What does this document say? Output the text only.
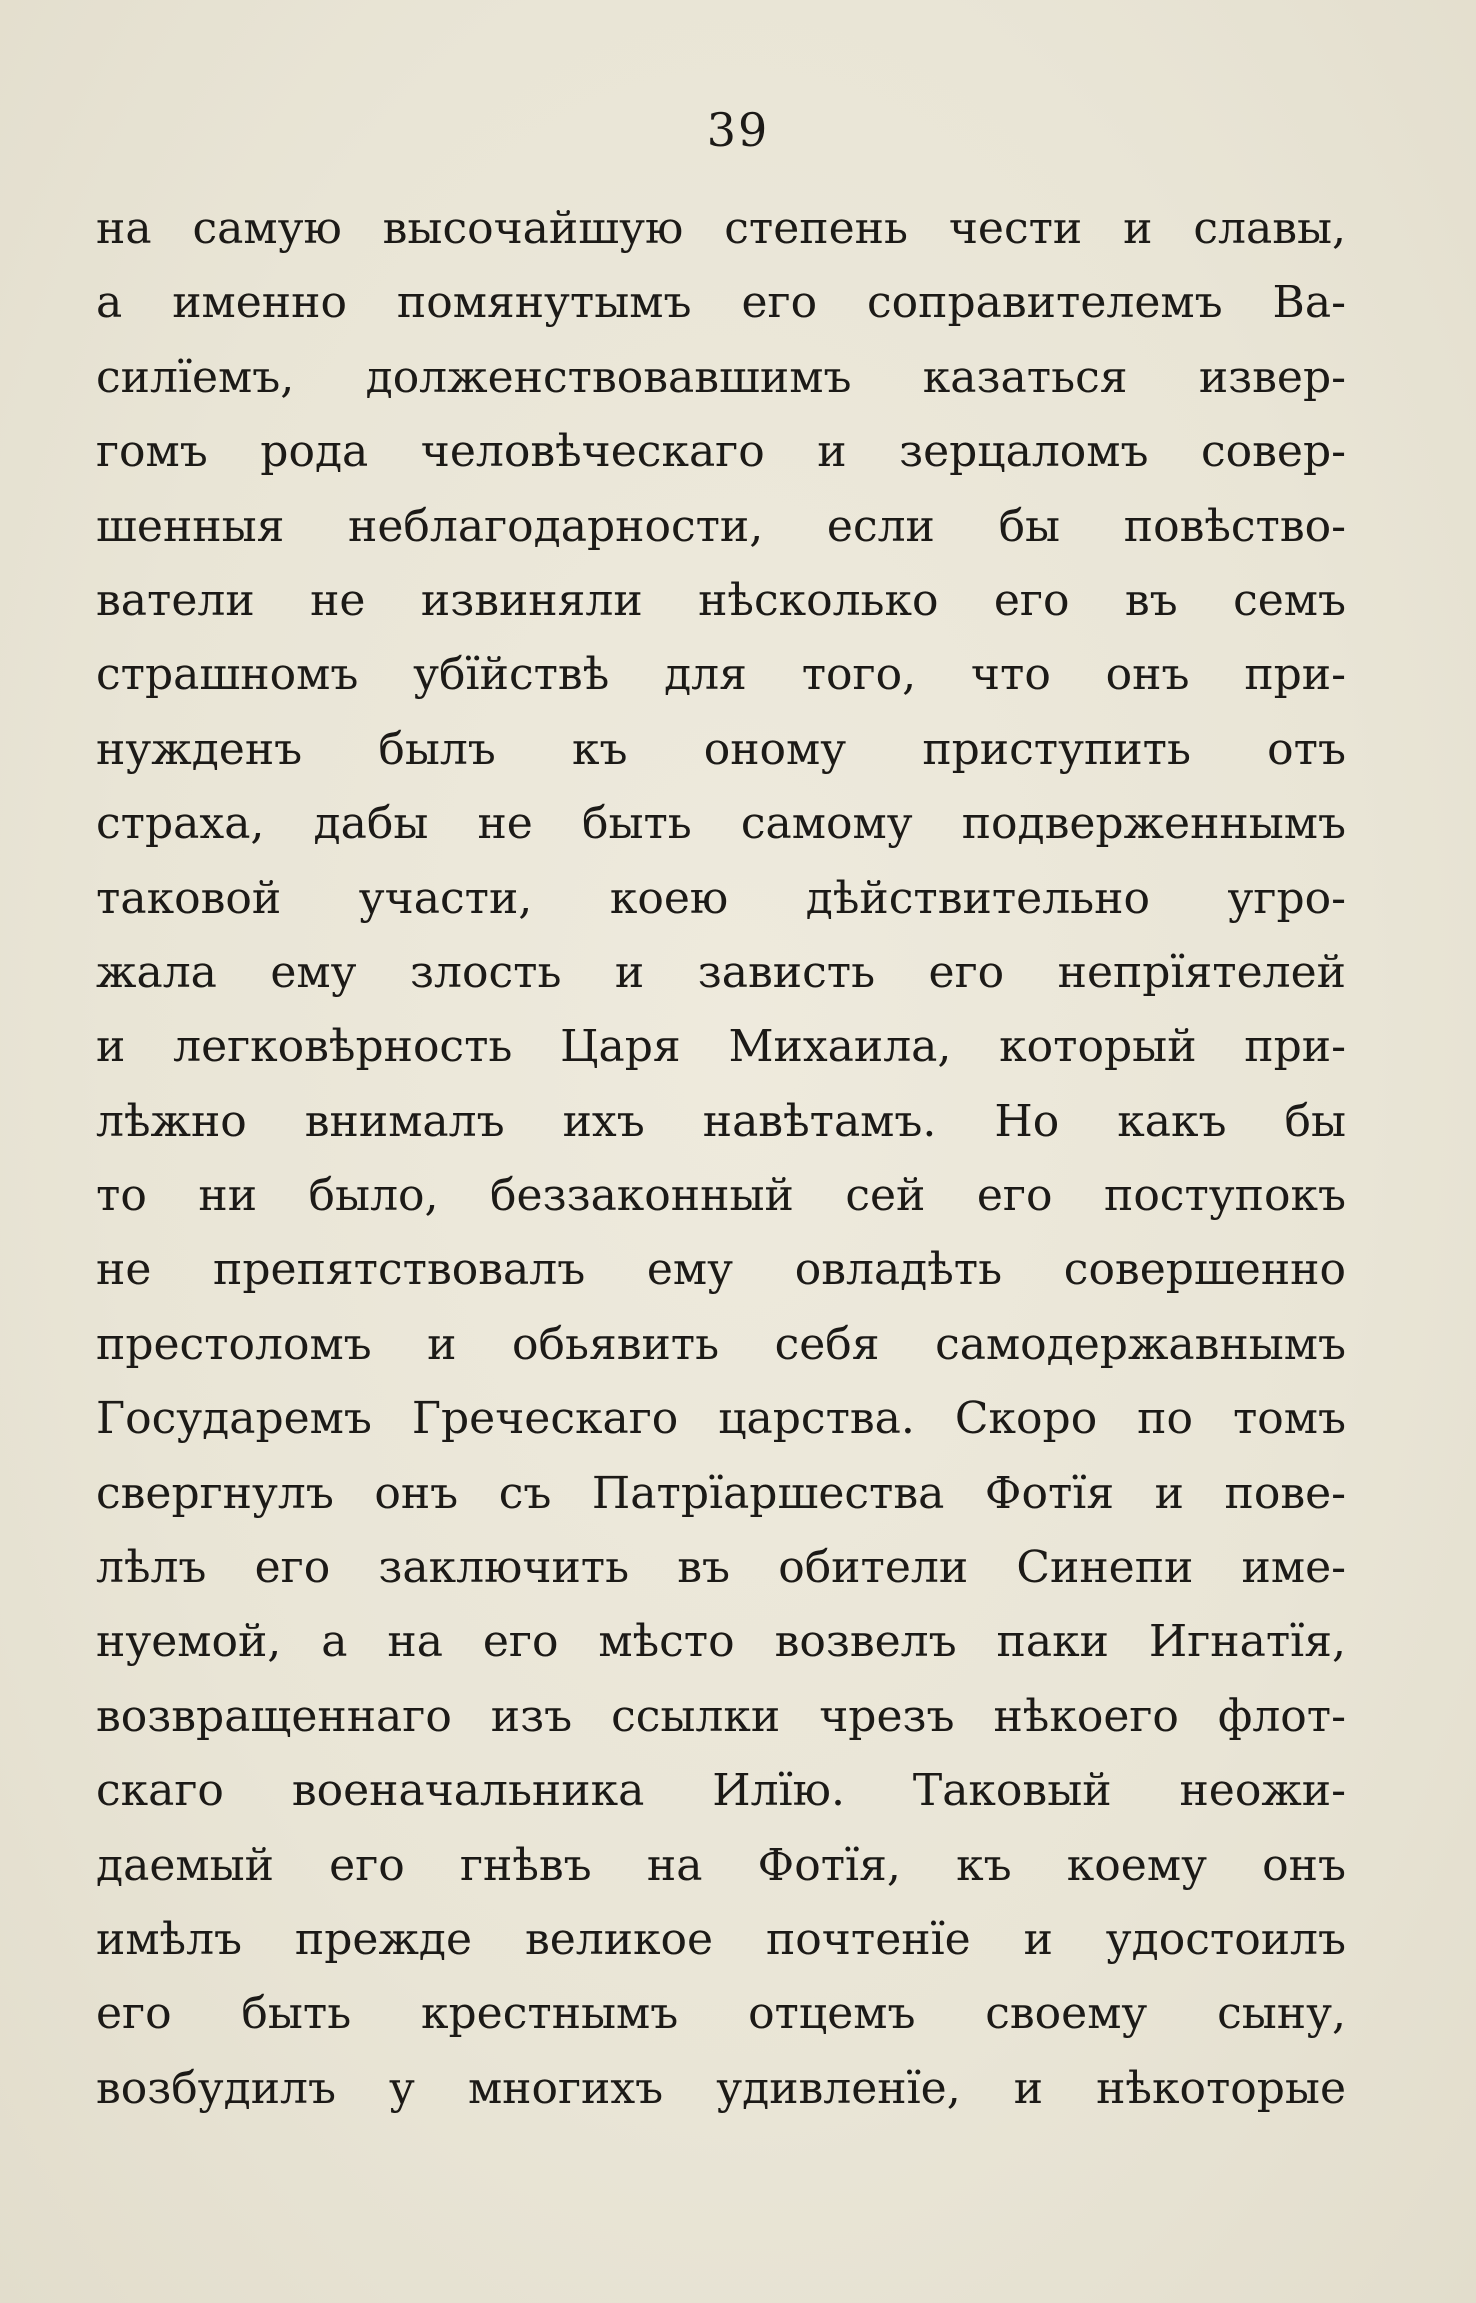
39
на самую высочайшую степень чести и славы,
а именно помянутымъ его соправителемъ Ва-
силïемъ, долженствовавшимъ казаться извер-
гомъ рода человѣческаго и зерцаломъ совер-
шенныя неблагодарности, если бы повѣство-
ватели не извиняли нѣсколько его въ семъ
страшномъ убïйствѣ для того, что онъ при-
нужденъ былъ къ оному приступить отъ
страха, дабы не быть самому подверженнымъ
таковой участи, коею дѣйствительно угро-
жала ему злость и зависть его непрïятелей
и легковѣрность Царя Михаила, который при-
лѣжно внималъ ихъ навѣтамъ. Но какъ бы
то ни было, беззаконный сей его поступокъ
не препятствовалъ ему овладѣть совершенно
престоломъ и обьявить себя самодержавнымъ
Государемъ Греческаго царства. Скоро по томъ
свергнулъ онъ съ Патрïаршества Фотïя и пове-
лѣлъ его заключить въ обители Синепи име-
нуемой, а на его мѣсто возвелъ паки Игнатïя,
возвращеннаго изъ ссылки чрезъ нѣкоего флот-
скаго военачальника Илïю. Таковый неожи-
даемый его гнѣвъ на Фотïя, къ коему онъ
имѣлъ прежде великое почтенïе и удостоилъ
его быть крестнымъ отцемъ своему сыну,
возбудилъ у многихъ удивленïе, и нѣкоторые
